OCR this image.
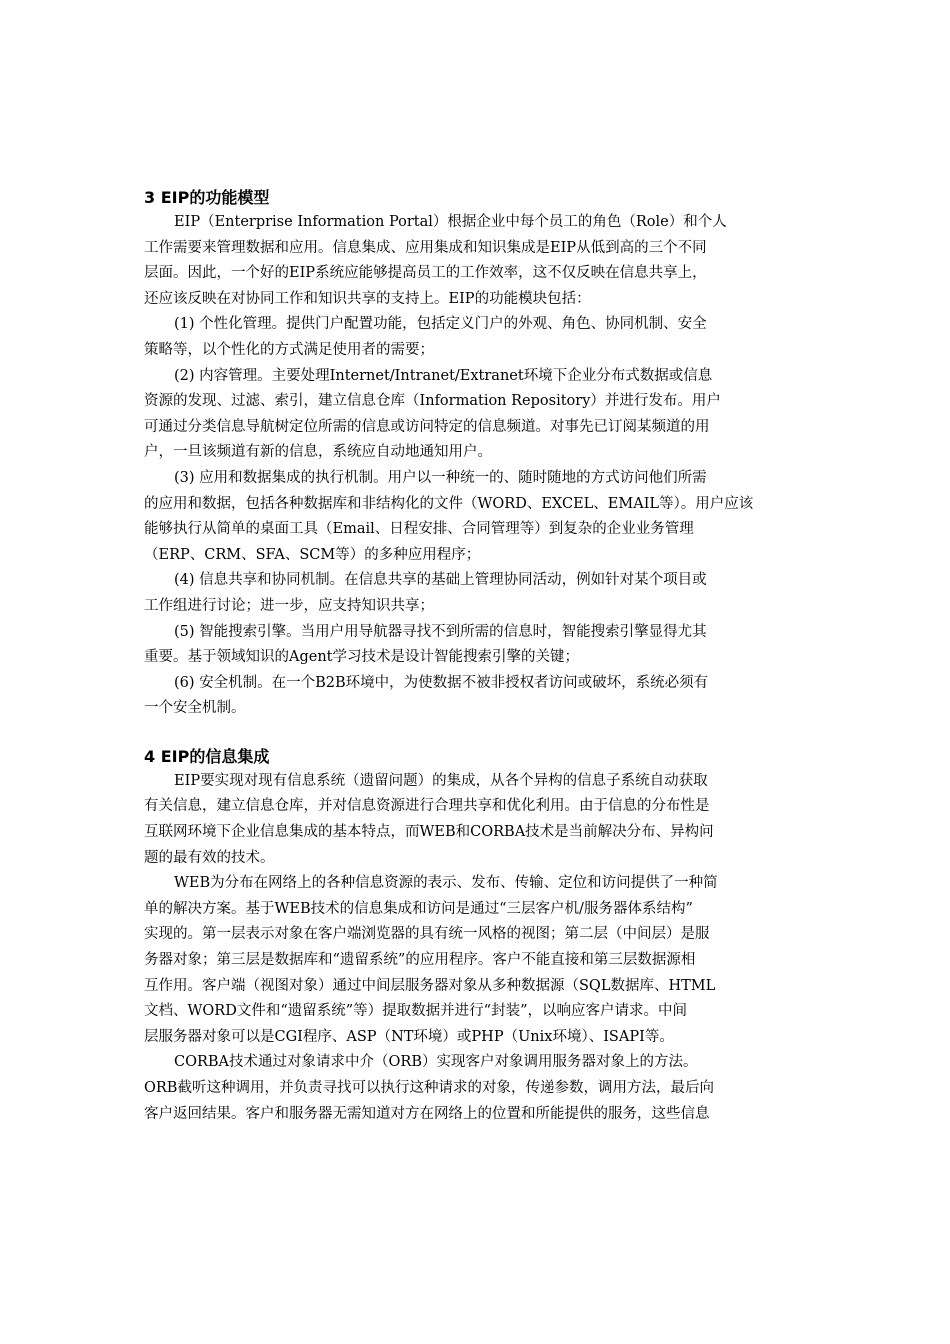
3 EIP的功能模型
EIP（Enterprise Information Portal）根据企业中每个员工的角色（Role）和个人
工作需要来管理数据和应用。信息集成、应用集成和知识集成是EIP从低到高的三个不同
层面。因此，一个好的EIP系统应能够提高员工的工作效率，这不仅反映在信息共享上，
还应该反映在对协同工作和知识共享的支持上。EIP的功能模块包括：
(1) 个性化管理。提供门户配置功能，包括定义门户的外观、角色、协同机制、安全
策略等，以个性化的方式满足使用者的需要；
(2) 内容管理。主要处理Internet/Intranet/Extranet环境下企业分布式数据或信息
资源的发现、过滤、索引，建立信息仓库（Information Repository）并进行发布。用户
可通过分类信息导航树定位所需的信息或访问特定的信息频道。对事先已订阅某频道的用
户，一旦该频道有新的信息，系统应自动地通知用户。
(3) 应用和数据集成的执行机制。用户以一种统一的、随时随地的方式访问他们所需
的应用和数据，包括各种数据库和非结构化的文件（WORD、EXCEL、EMAIL等）。用户应该
能够执行从简单的桌面工具（Email、日程安排、合同管理等）到复杂的企业业务管理
（ERP、CRM、SFA、SCM等）的多种应用程序；
(4) 信息共享和协同机制。在信息共享的基础上管理协同活动，例如针对某个项目或
工作组进行讨论；进一步，应支持知识共享；
(5) 智能搜索引擎。当用户用导航器寻找不到所需的信息时，智能搜索引擎显得尤其
重要。基于领域知识的Agent学习技术是设计智能搜索引擎的关键；
(6) 安全机制。在一个B2B环境中，为使数据不被非授权者访问或破坏，系统必须有
一个安全机制。
4 EIP的信息集成
EIP要实现对现有信息系统（遗留问题）的集成，从各个异构的信息子系统自动获取
有关信息，建立信息仓库，并对信息资源进行合理共享和优化利用。由于信息的分布性是
互联网环境下企业信息集成的基本特点，而WEB和CORBA技术是当前解决分布、异构问
题的最有效的技术。
WEB为分布在网络上的各种信息资源的表示、发布、传输、定位和访问提供了一种简
单的解决方案。基于WEB技术的信息集成和访问是通过“三层客户机/服务器体系结构”
实现的。第一层表示对象在客户端浏览器的具有统一风格的视图；第二层（中间层）是服
务器对象；第三层是数据库和“遗留系统”的应用程序。客户不能直接和第三层数据源相
互作用。客户端（视图对象）通过中间层服务器对象从多种数据源（SQL数据库、HTML
文档、WORD文件和“遗留系统”等）提取数据并进行“封装”，以响应客户请求。中间
层服务器对象可以是CGI程序、ASP（NT环境）或PHP（Unix环境）、ISAPI等。
CORBA技术通过对象请求中介（ORB）实现客户对象调用服务器对象上的方法。
ORB截听这种调用，并负责寻找可以执行这种请求的对象，传递参数，调用方法，最后向
客户返回结果。客户和服务器无需知道对方在网络上的位置和所能提供的服务，这些信息
